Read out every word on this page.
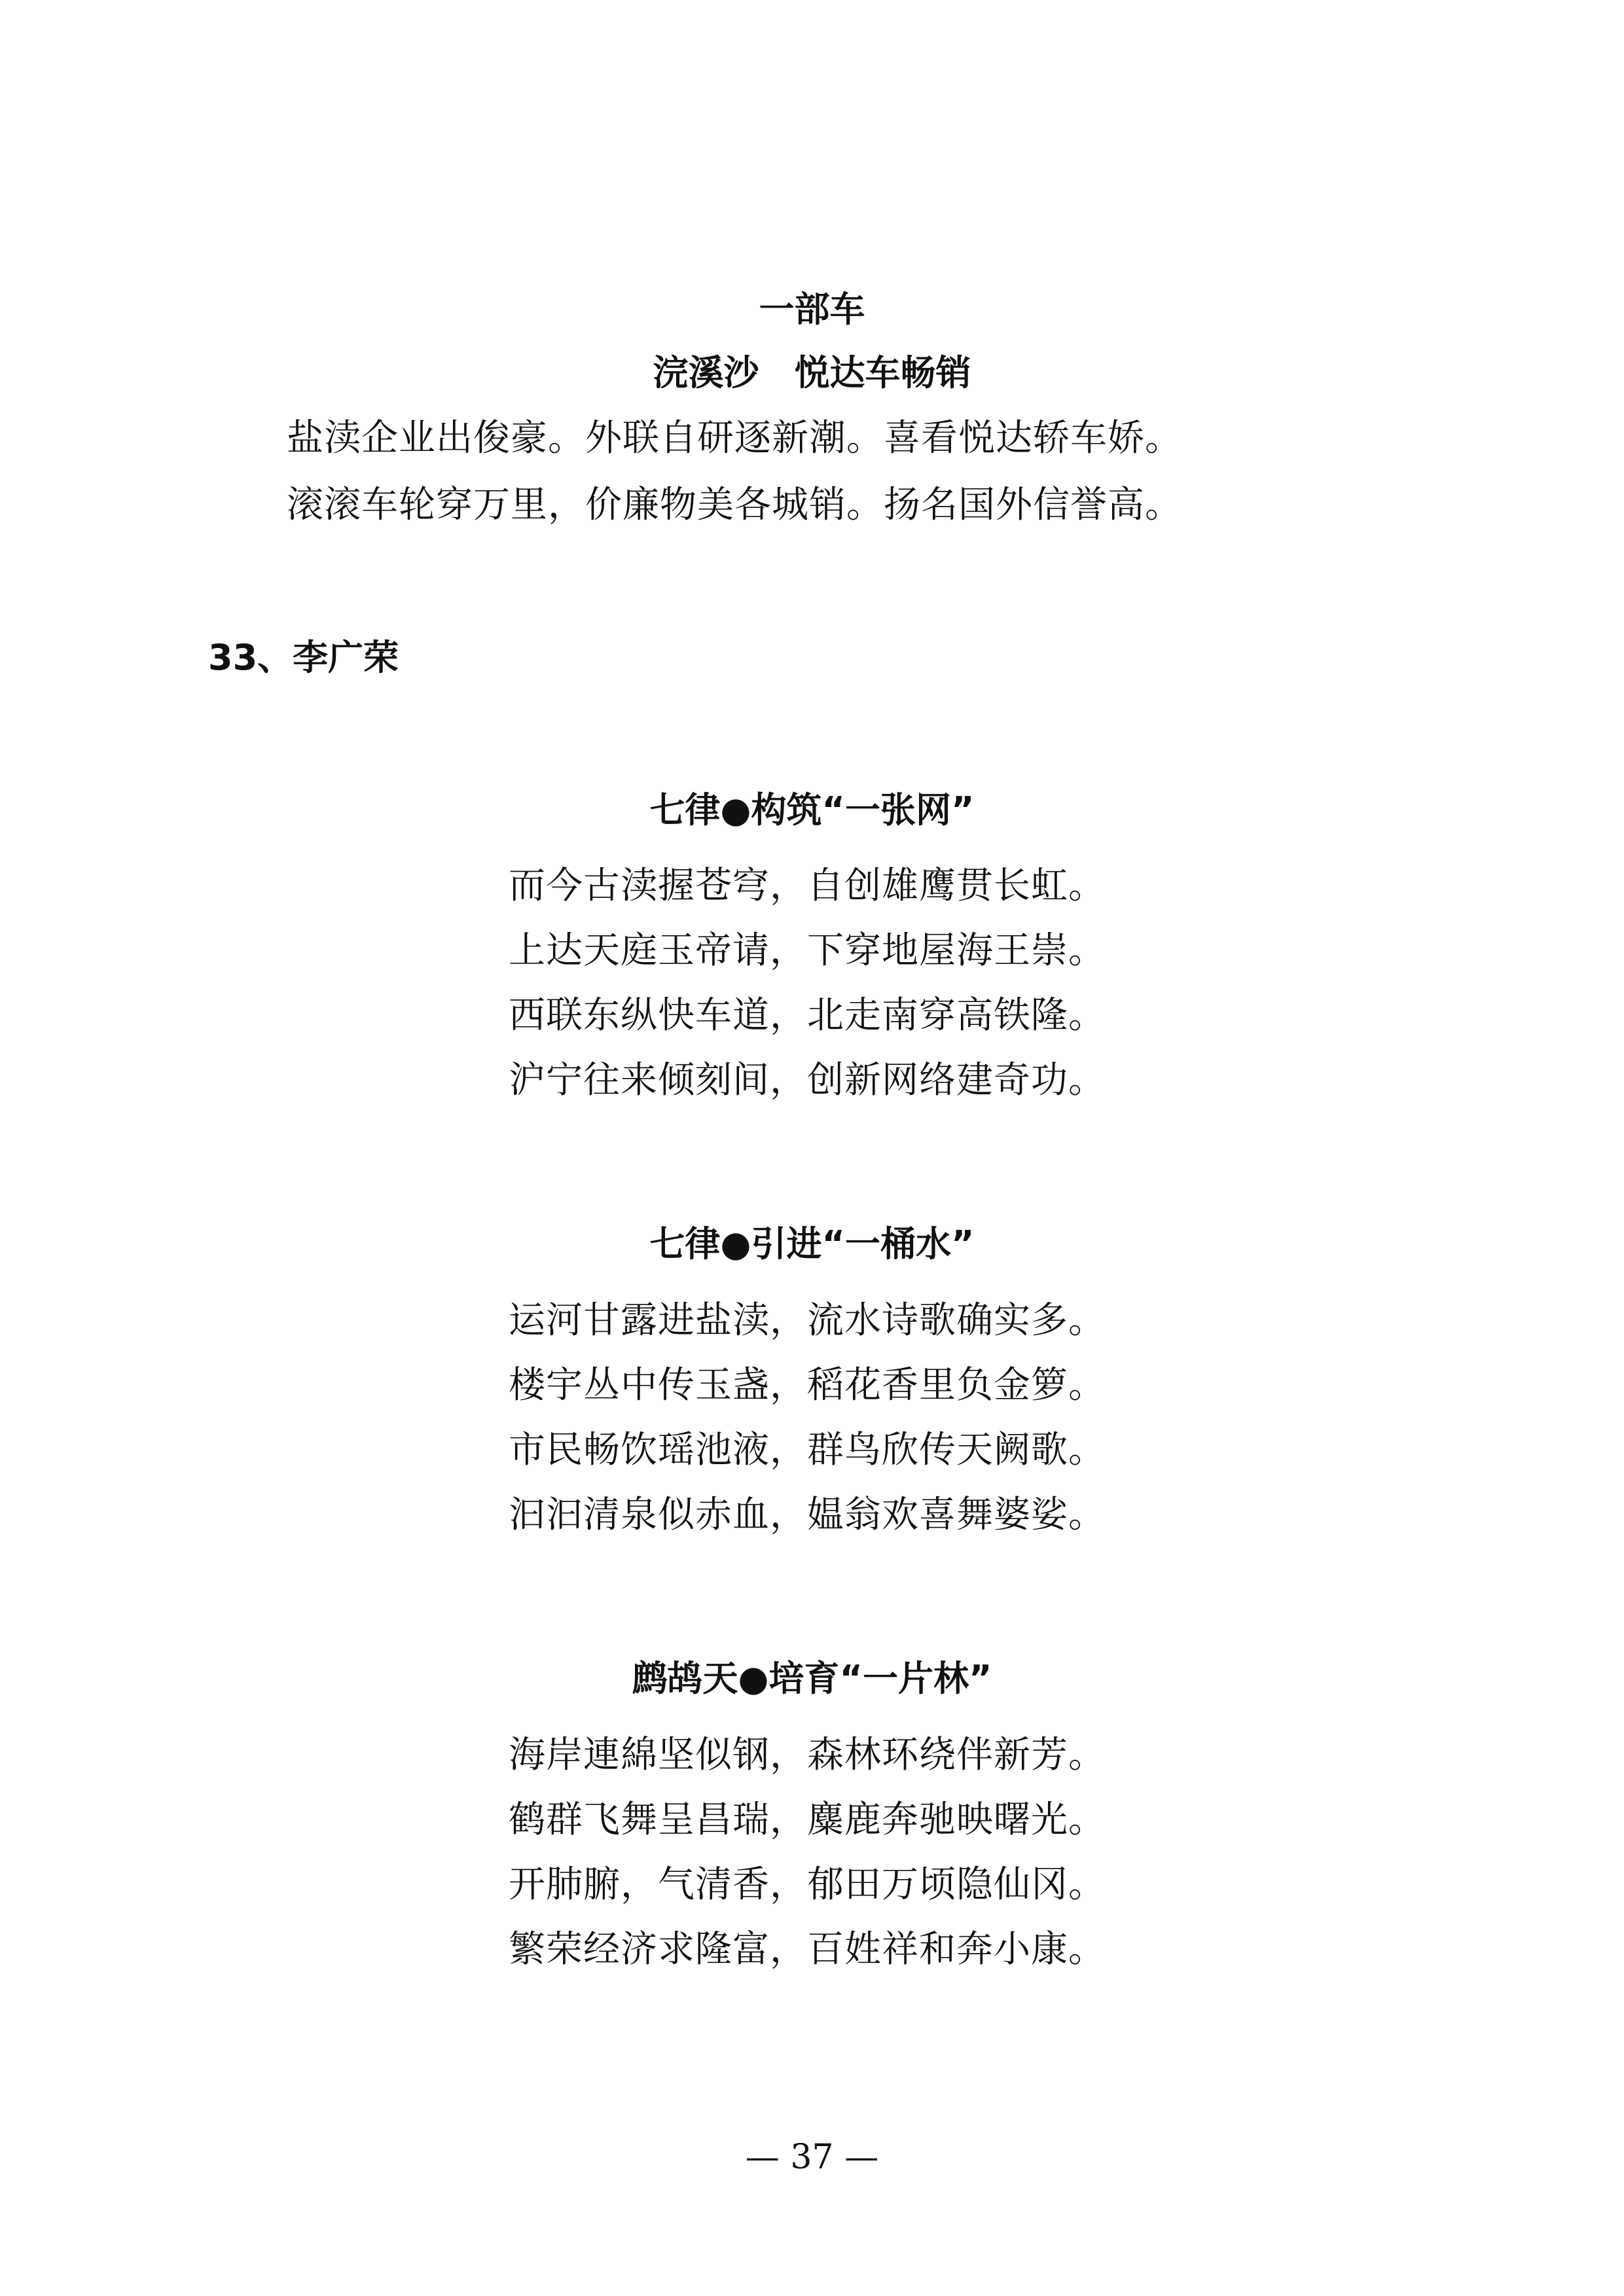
一部车
浣溪沙　悦达车畅销
盐渎企业出俊豪。外联自研逐新潮。喜看悦达轿车娇。
滚滚车轮穿万里，价廉物美各城销。扬名国外信誉高。
33、李广荣
七律●构筑“一张网”
而今古渎握苍穹，自创雄鹰贯长虹。
上达天庭玉帝请，下穿地屋海王崇。
西联东纵快车道，北走南穿高铁隆。
沪宁往来倾刻间，创新网络建奇功。
七律●引进“一桶水”
运河甘露进盐渎，流水诗歌确实多。
楼宇丛中传玉盏，稻花香里负金箩。
市民畅饮瑶池液，群鸟欣传天阙歌。
汩汩清泉似赤血，媪翁欢喜舞婆娑。
鹧鸪天●培育“一片林”
海岸連綿坚似钢，森林环绕伴新芳。
鹤群飞舞呈昌瑞，麋鹿奔驰映曙光。
开肺腑，气清香，郁田万顷隐仙冈。
繁荣经济求隆富，百姓祥和奔小康。
— 37 —
